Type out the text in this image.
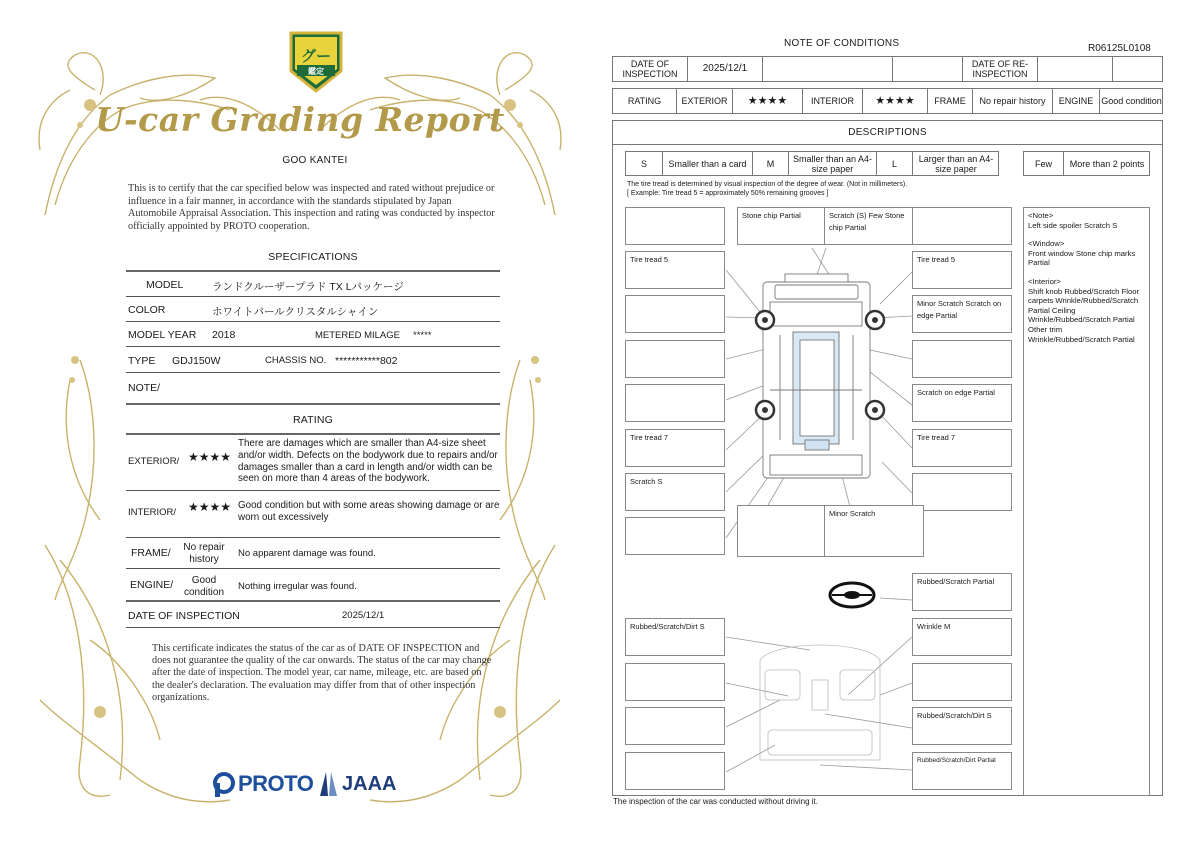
グー
鑑定
U-car Grading Report
GOO KANTEI
This is to certify that the car specified below was inspected and rated without prejudice or influence in a fair manner, in accordance with the standards stipulated by Japan Automobile Appraisal Association. This inspection and rating was conducted by inspector officially appointed by PROTO cooperation.
SPECIFICATIONS
MODEL	ランドクルーザープラド TX Lパッケージ
COLOR	ホワイトパールクリスタルシャイン
MODEL YEAR 2018	METERED MILAGE *****
TYPE GDJ150W	CHASSIS NO. ***********802
NOTE/
RATING
EXTERIOR/ ★★★★
There are damages which are smaller than A4-size sheet and/or width. Defects on the bodywork due to repairs and/or damages smaller than a card in length and/or width can be seen on more than 4 areas of the bodywork.
INTERIOR/ ★★★★ Good condition but with some areas showing damage or are worn out excessively
FRAME/	No repair history	No apparent damage was found.
ENGINE/	Good condition	Nothing irregular was found.
DATE OF INSPECTION	2025/12/1
This certificate indicates the status of the car as of DATE OF INSPECTION and does not guarantee the quality of the car onwards. The status of the car may change after the date of inspection. The model year, car name, mileage, etc. are based on the dealer's declaration. The evaluation may differ from that of other inspection organizations.
PROTO JAAA
NOTE OF CONDITIONS	R06125L0108
DATE OF INSPECTION	2025/12/1	DATE OF RE-INSPECTION
RATING	EXTERIOR	★★★★	INTERIOR	★★★★	FRAME	No repair history	ENGINE Good condition
DESCRIPTIONS
S	Smaller than a card	M	Smaller than an A4-size paper	L	Larger than an A4-size paper	Few	More than 2 points
The tire tread is determined by visual inspection of the degree of wear. (Not in millimeters).
[ Example: Tire tread 5 = approximately 50% remaining grooves ]
Stone chip Partial	Scratch (S) Few Stone chip Partial
Tire tread 5	Tire tread 5
Minor Scratch Scratch on edge Partial
Scratch on edge Partial
Tire tread 7	Tire tread 7
Scratch S
Minor Scratch
Rubbed/Scratch Partial
Rubbed/Scratch/Dirt S	Wrinkle M
Rubbed/Scratch/Dirt S
Rubbed/Scratch/Dirt Partial
<Note>

Left side spoiler Scratch S

<Window>

Front window Stone chip marks Partial

<Interior>

Shift knob Rubbed/Scratch Floor carpets Wrinkle/Rubbed/Scratch Partial Ceiling Wrinkle/Rubbed/Scratch Partial Other trim Wrinkle/Rubbed/Scratch Partial

The inspection of the car was conducted without driving it.
